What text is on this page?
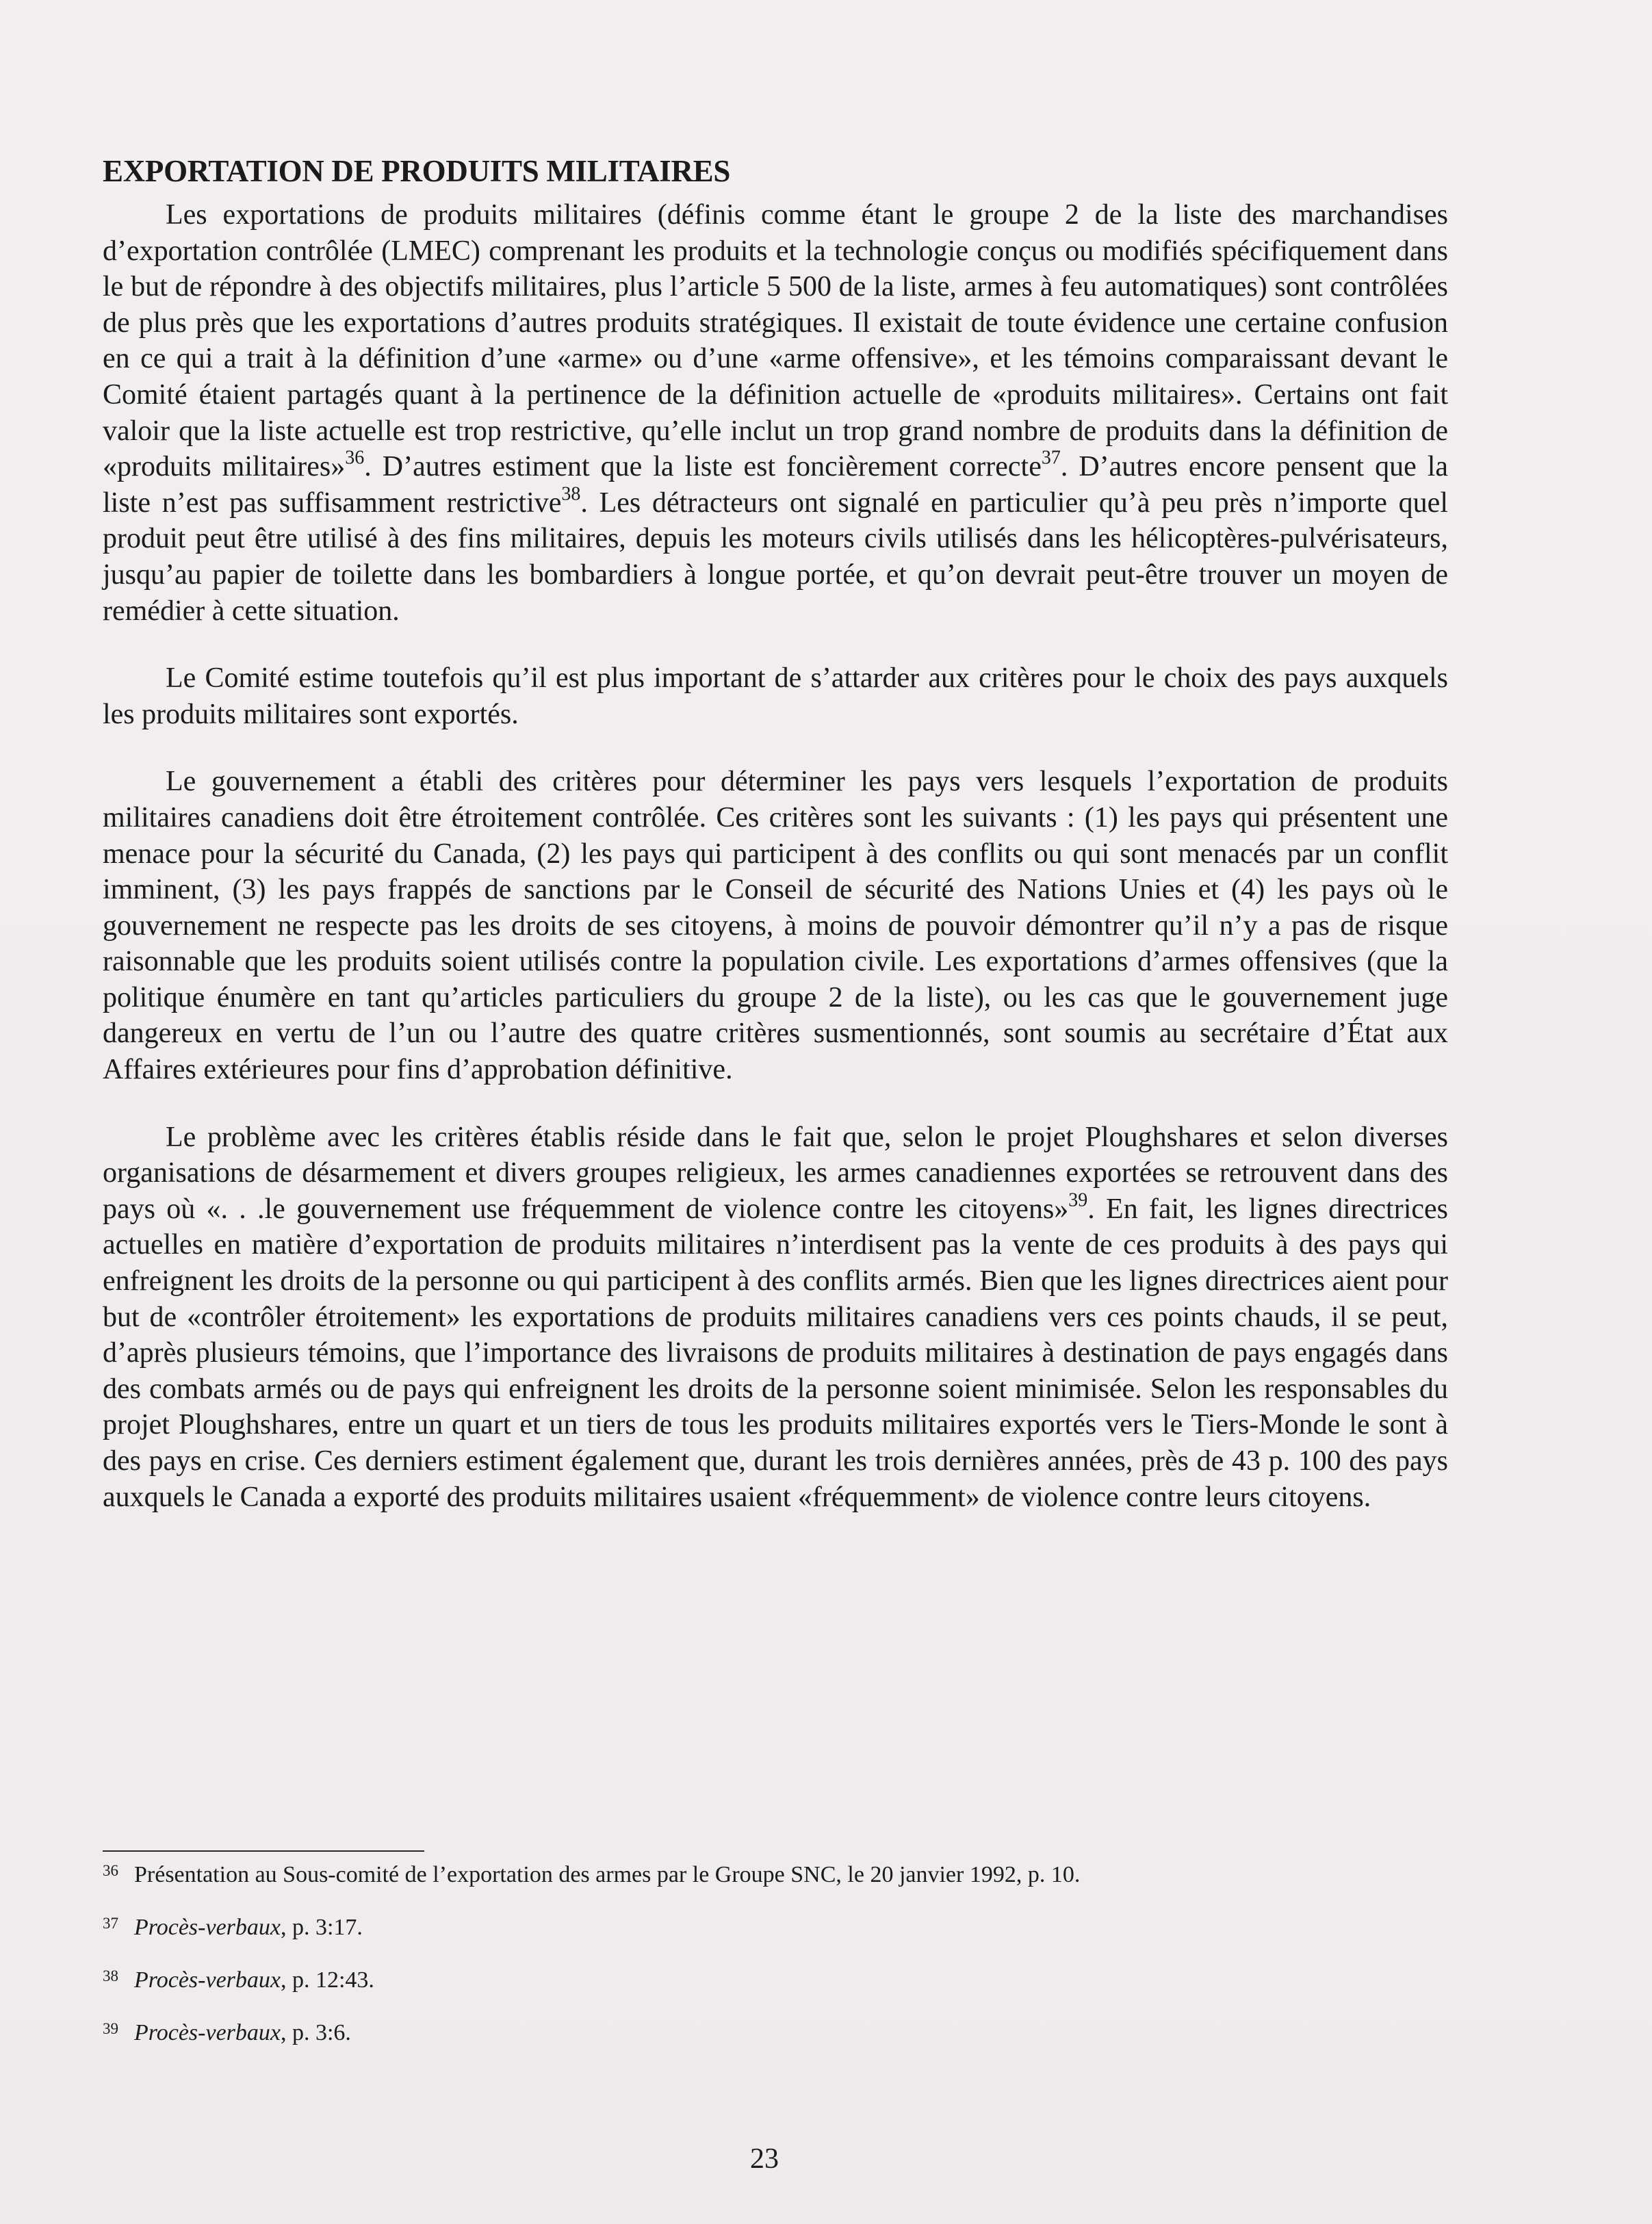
EXPORTATION DE PRODUITS MILITAIRES

Les exportations de produits militaires (définis comme étant le groupe 2 de la liste des marchandises d’exportation contrôlée (LMEC) comprenant les produits et la technologie conçus ou modifiés spécifiquement dans le but de répondre à des objectifs militaires, plus l’article 5 500 de la liste, armes à feu automatiques) sont contrôlées de plus près que les exportations d’autres produits stratégiques. Il existait de toute évidence une certaine confusion en ce qui a trait à la définition d’une «arme» ou d’une «arme offensive», et les témoins comparaissant devant le Comité étaient partagés quant à la pertinence de la définition actuelle de «produits militaires». Certains ont fait valoir que la liste actuelle est trop restrictive, qu’elle inclut un trop grand nombre de produits dans la définition de «produits militaires»$^{36}$. D’autres estiment que la liste est foncièrement correcte$^{37}$. D’autres encore pensent que la liste n’est pas suffisamment restrictive$^{38}$. Les détracteurs ont signalé en particulier qu’à peu près n’importe quel produit peut être utilisé à des fins militaires, depuis les moteurs civils utilisés dans les hélicoptères-pulvérisateurs, jusqu’au papier de toilette dans les bombardiers à longue portée, et qu’on devrait peut-être trouver un moyen de remédier à cette situation.

Le Comité estime toutefois qu’il est plus important de s’attarder aux critères pour le choix des pays auxquels les produits militaires sont exportés.

Le gouvernement a établi des critères pour déterminer les pays vers lesquels l’exportation de produits militaires canadiens doit être étroitement contrôlée. Ces critères sont les suivants : (1) les pays qui présentent une menace pour la sécurité du Canada, (2) les pays qui participent à des conflits ou qui sont menacés par un conflit imminent, (3) les pays frappés de sanctions par le Conseil de sécurité des Nations Unies et (4) les pays où le gouvernement ne respecte pas les droits de ses citoyens, à moins de pouvoir démontrer qu’il n’y a pas de risque raisonnable que les produits soient utilisés contre la population civile. Les exportations d’armes offensives (que la politique énumère en tant qu’articles particuliers du groupe 2 de la liste), ou les cas que le gouvernement juge dangereux en vertu de l’un ou l’autre des quatre critères susmentionnés, sont soumis au secrétaire d’État aux Affaires extérieures pour fins d’approbation définitive.

Le problème avec les critères établis réside dans le fait que, selon le projet Ploughshares et selon diverses organisations de désarmement et divers groupes religieux, les armes canadiennes exportées se retrouvent dans des pays où «. . .le gouvernement use fréquemment de violence contre les citoyens»$^{39}$. En fait, les lignes directrices actuelles en matière d’exportation de produits militaires n’interdisent pas la vente de ces produits à des pays qui enfreignent les droits de la personne ou qui participent à des conflits armés. Bien que les lignes directrices aient pour but de «contrôler étroitement» les exportations de produits militaires canadiens vers ces points chauds, il se peut, d’après plusieurs témoins, que l’importance des livraisons de produits militaires à destination de pays engagés dans des combats armés ou de pays qui enfreignent les droits de la personne soient minimisée. Selon les responsables du projet Ploughshares, entre un quart et un tiers de tous les produits militaires exportés vers le Tiers-Monde le sont à des pays en crise. Ces derniers estiment également que, durant les trois dernières années, près de 43 p. 100 des pays auxquels le Canada a exporté des produits militaires usaient «fréquemment» de violence contre leurs citoyens.

36 Présentation au Sous-comité de l’exportation des armes par le Groupe SNC, le 20 janvier 1992, p. 10.
37 Procès-verbaux, p. 3:17.
38 Procès-verbaux, p. 12:43.
39 Procès-verbaux, p. 3:6.
23
